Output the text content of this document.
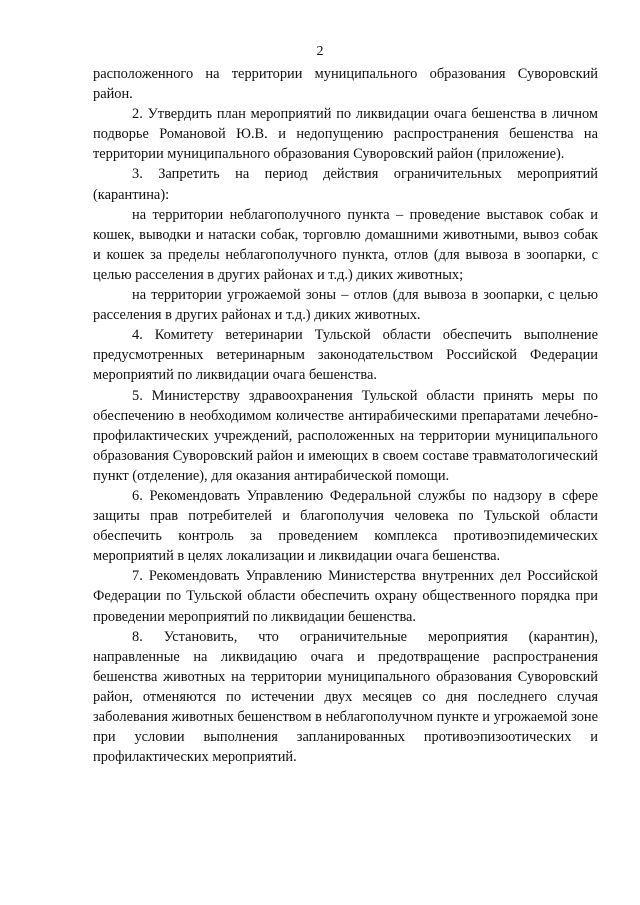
2

расположенного на территории муниципального образования Суворовский район.

2. Утвердить план мероприятий по ликвидации очага бешенства в личном подворье Романовой Ю.В. и недопущению распространения бешенства на территории муниципального образования Суворовский район (приложение).

3. Запретить на период действия ограничительных мероприятий (карантина):

на территории неблагополучного пункта – проведение выставок собак и кошек, выводки и натаски собак, торговлю домашними животными, вывоз собак и кошек за пределы неблагополучного пункта, отлов (для вывоза в зоопарки, с целью расселения в других районах и т.д.) диких животных;

на территории угрожаемой зоны – отлов (для вывоза в зоопарки, с целью расселения в других районах и т.д.) диких животных.

4. Комитету ветеринарии Тульской области обеспечить выполнение предусмотренных ветеринарным законодательством Российской Федерации мероприятий по ликвидации очага бешенства.

5. Министерству здравоохранения Тульской области принять меры по обеспечению в необходимом количестве антирабическими препаратами лечебно-профилактических учреждений, расположенных на территории муниципального образования Суворовский район и имеющих в своем составе травматологический пункт (отделение), для оказания антирабической помощи.

6. Рекомендовать Управлению Федеральной службы по надзору в сфере защиты прав потребителей и благополучия человека по Тульской области обеспечить контроль за проведением комплекса противоэпидемических мероприятий в целях локализации и ликвидации очага бешенства.

7. Рекомендовать Управлению Министерства внутренних дел Российской Федерации по Тульской области обеспечить охрану общественного порядка при проведении мероприятий по ликвидации бешенства.

8. Установить, что ограничительные мероприятия (карантин), направленные на ликвидацию очага и предотвращение распространения бешенства животных на территории муниципального образования Суворовский район, отменяются по истечении двух месяцев со дня последнего случая заболевания животных бешенством в неблагополучном пункте и угрожаемой зоне при условии выполнения запланированных противоэпизоотических и профилактических мероприятий.
